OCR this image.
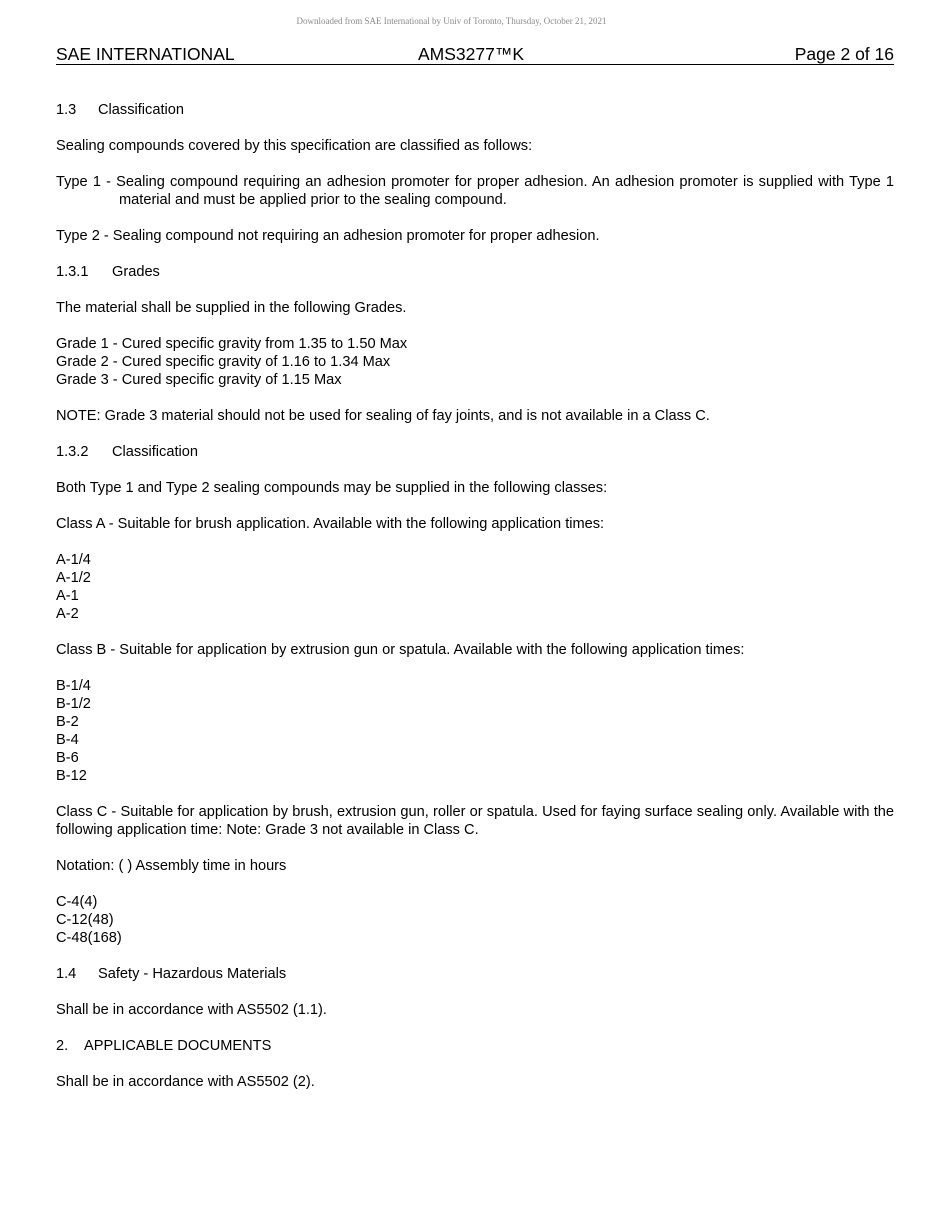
Downloaded from SAE International by Univ of Toronto, Thursday, October 21, 2021
SAE INTERNATIONAL	AMS3277™K	Page 2 of 16

1.3 Classification

Sealing compounds covered by this specification are classified as follows:

Type 1 - Sealing compound requiring an adhesion promoter for proper adhesion. An adhesion promoter is supplied with Type 1 material and must be applied prior to the sealing compound.

Type 2 - Sealing compound not requiring an adhesion promoter for proper adhesion.

1.3.1 Grades

The material shall be supplied in the following Grades.

Grade 1 - Cured specific gravity from 1.35 to 1.50 Max

Grade 2 - Cured specific gravity of 1.16 to 1.34 Max

Grade 3 - Cured specific gravity of 1.15 Max

NOTE: Grade 3 material should not be used for sealing of fay joints, and is not available in a Class C.

1.3.2 Classification

Both Type 1 and Type 2 sealing compounds may be supplied in the following classes:

Class A - Suitable for brush application. Available with the following application times:

A-1/4

A-1/2

A-1

A-2

Class B - Suitable for application by extrusion gun or spatula. Available with the following application times:

B-1/4

B-1/2

B-2

B-4

B-6

B-12

Class C - Suitable for application by brush, extrusion gun, roller or spatula. Used for faying surface sealing only. Available with the following application time: Note: Grade 3 not available in Class C.

Notation: ( ) Assembly time in hours

C-4(4)

C-12(48)

C-48(168)

1.4 Safety - Hazardous Materials

Shall be in accordance with AS5502 (1.1).

2. APPLICABLE DOCUMENTS

Shall be in accordance with AS5502 (2).
